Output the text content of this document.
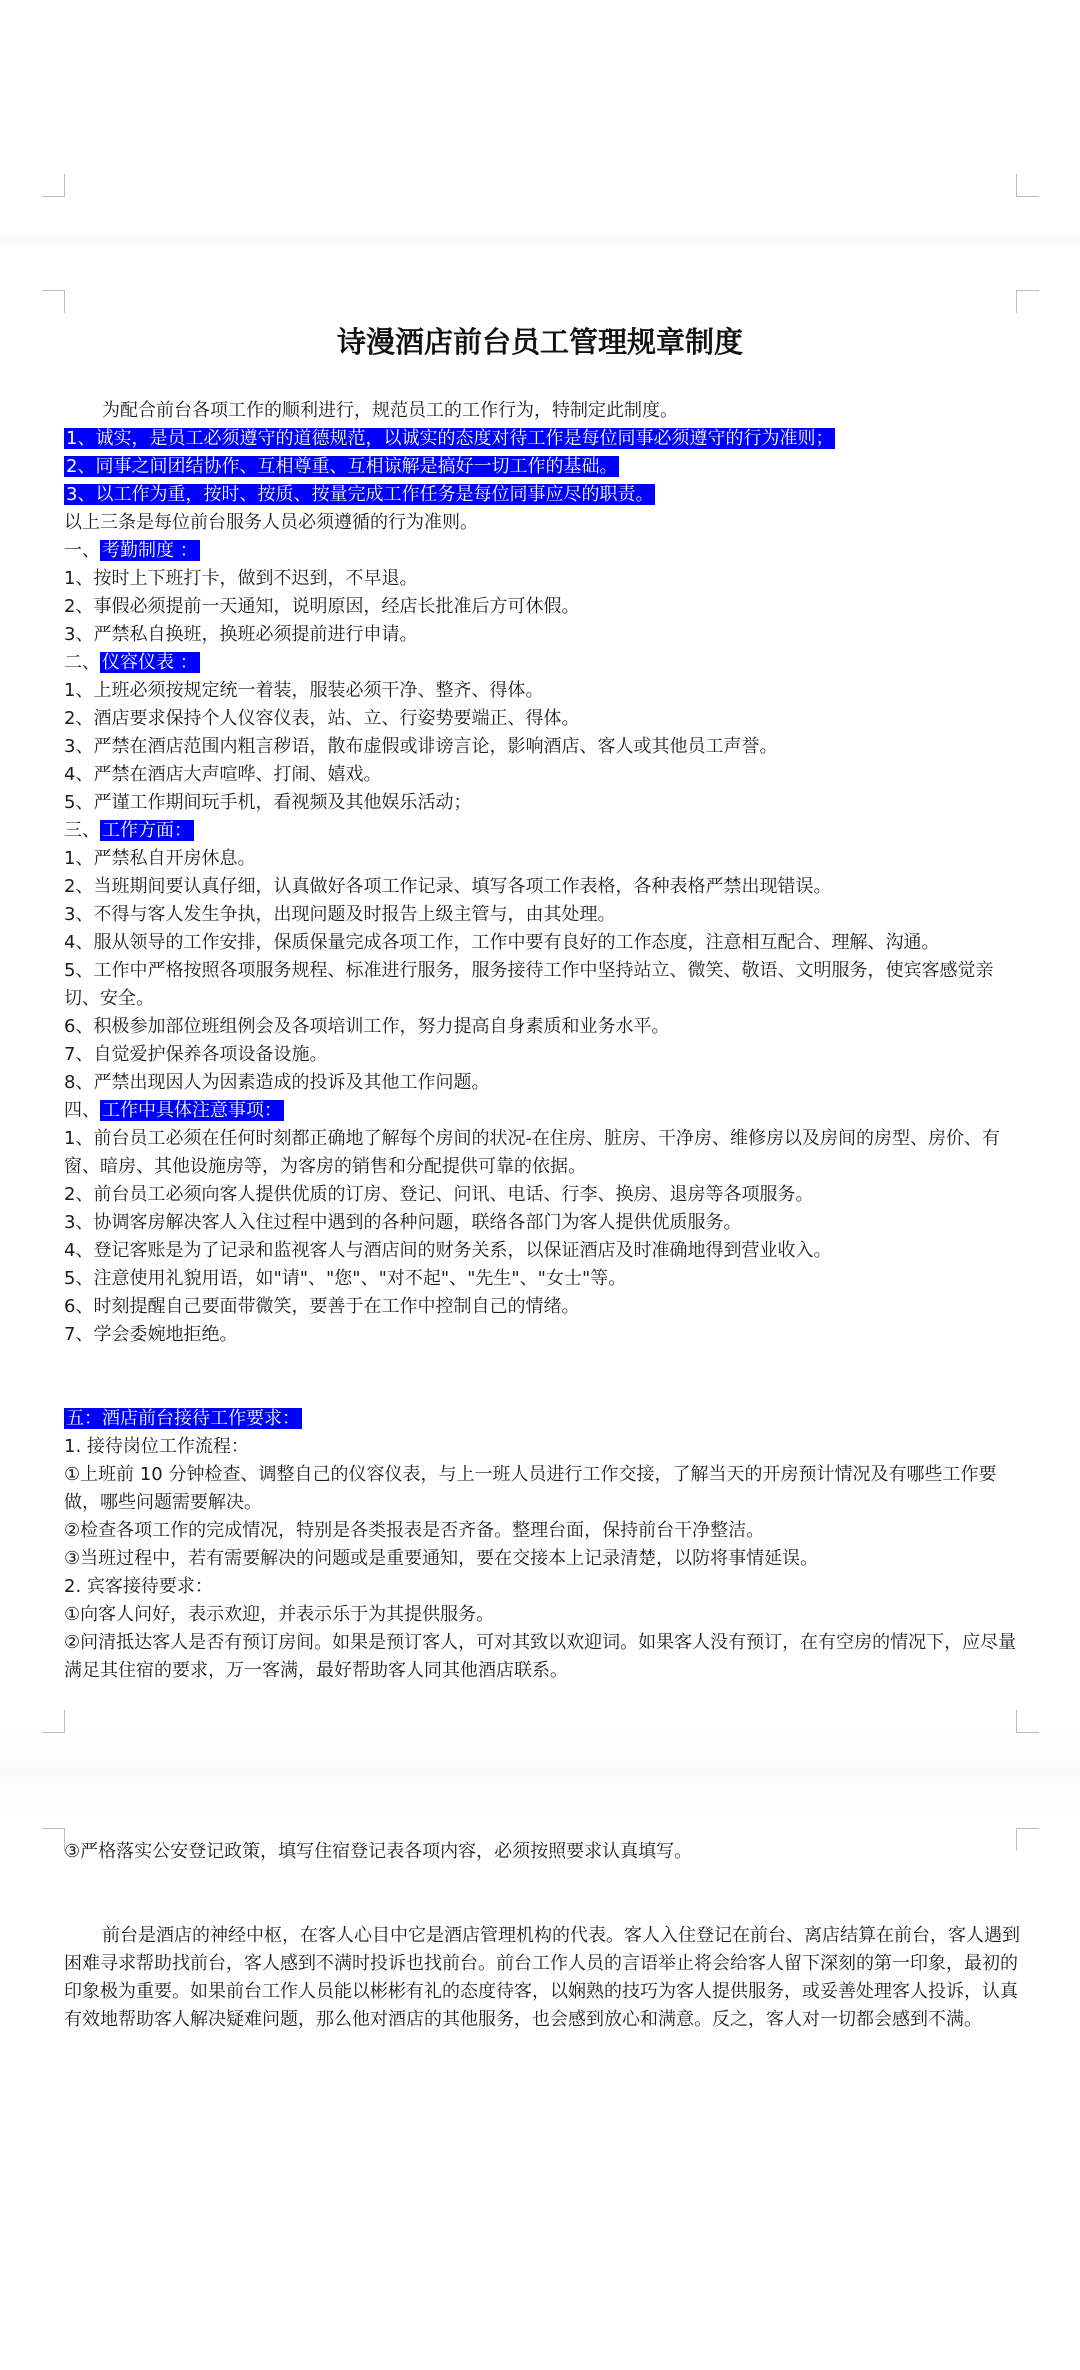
诗漫酒店前台员工管理规章制度

为配合前台各项工作的顺利进行，规范员工的工作行为，特制定此制度。

1、诚实，是员工必须遵守的道德规范，以诚实的态度对待工作是每位同事必须遵守的行为准则；

2、同事之间团结协作、互相尊重、互相谅解是搞好一切工作的基础。

3、以工作为重，按时、按质、按量完成工作任务是每位同事应尽的职责。

以上三条是每位前台服务人员必须遵循的行为准则。

一、 考勤制度 ：

1、按时上下班打卡，做到不迟到，不早退。

2、事假必须提前一天通知，说明原因，经店长批准后方可休假。

3、严禁私自换班，换班必须提前进行申请。

二、 仪容仪表 ：

1、上班必须按规定统一着装，服装必须干净、整齐、得体。

2、酒店要求保持个人仪容仪表，站、立、行姿势要端正、得体。

3、严禁在酒店范围内粗言秽语，散布虚假或诽谤言论，影响酒店、客人或其他员工声誉。

4、严禁在酒店大声喧哗、打闹、嬉戏。

5、严谨工作期间玩手机，看视频及其他娱乐活动；

三、 工作方面：

1、严禁私自开房休息。

2、当班期间要认真仔细，认真做好各项工作记录、填写各项工作表格，各种表格严禁出现错误。

3、不得与客人发生争执，出现问题及时报告上级主管与，由其处理。

4、服从领导的工作安排，保质保量完成各项工作，工作中要有良好的工作态度，注意相互配合、理解、沟通。

5、工作中严格按照各项服务规程、标准进行服务，服务接待工作中坚持站立、微笑、敬语、文明服务，使宾客感觉亲切、安全。

6、积极参加部位班组例会及各项培训工作，努力提高自身素质和业务水平。

7、自觉爱护保养各项设备设施。

8、严禁出现因人为因素造成的投诉及其他工作问题。

四、 工作中具体注意事项：

1、前台员工必须在任何时刻都正确地了解每个房间的状况-在住房、脏房、干净房、维修房以及房间的房型、房价、有窗、暗房、其他设施房等，为客房的销售和分配提供可靠的依据。

2、前台员工必须向客人提供优质的订房、登记、问讯、电话、行李、换房、退房等各项服务。

3、协调客房解决客人入住过程中遇到的各种问题，联络各部门为客人提供优质服务。

4、登记客账是为了记录和监视客人与酒店间的财务关系，以保证酒店及时准确地得到营业收入。

5、注意使用礼貌用语，如"请"、"您"、"对不起"、"先生"、"女士"等。

6、时刻提醒自己要面带微笑，要善于在工作中控制自己的情绪。

7、学会委婉地拒绝。

五：酒店前台接待工作要求：

1. 接待岗位工作流程：

①上班前 10 分钟检查、调整自己的仪容仪表，与上一班人员进行工作交接，了解当天的开房预计情况及有哪些工作要做，哪些问题需要解决。

②检查各项工作的完成情况，特别是各类报表是否齐备。整理台面，保持前台干净整洁。

③当班过程中，若有需要解决的问题或是重要通知，要在交接本上记录清楚，以防将事情延误。

2. 宾客接待要求：

①向客人问好，表示欢迎，并表示乐于为其提供服务。

②问清抵达客人是否有预订房间。如果是预订客人，可对其致以欢迎词。如果客人没有预订，在有空房的情况下，应尽量满足其住宿的要求，万一客满，最好帮助客人同其他酒店联系。

③严格落实公安登记政策，填写住宿登记表各项内容，必须按照要求认真填写。

前台是酒店的神经中枢，在客人心目中它是酒店管理机构的代表。客人入住登记在前台、离店结算在前台，客人遇到困难寻求帮助找前台，客人感到不满时投诉也找前台。前台工作人员的言语举止将会给客人留下深刻的第一印象，最初的印象极为重要。如果前台工作人员能以彬彬有礼的态度待客，以娴熟的技巧为客人提供服务，或妥善处理客人投诉，认真有效地帮助客人解决疑难问题，那么他对酒店的其他服务，也会感到放心和满意。反之，客人对一切都会感到不满。
